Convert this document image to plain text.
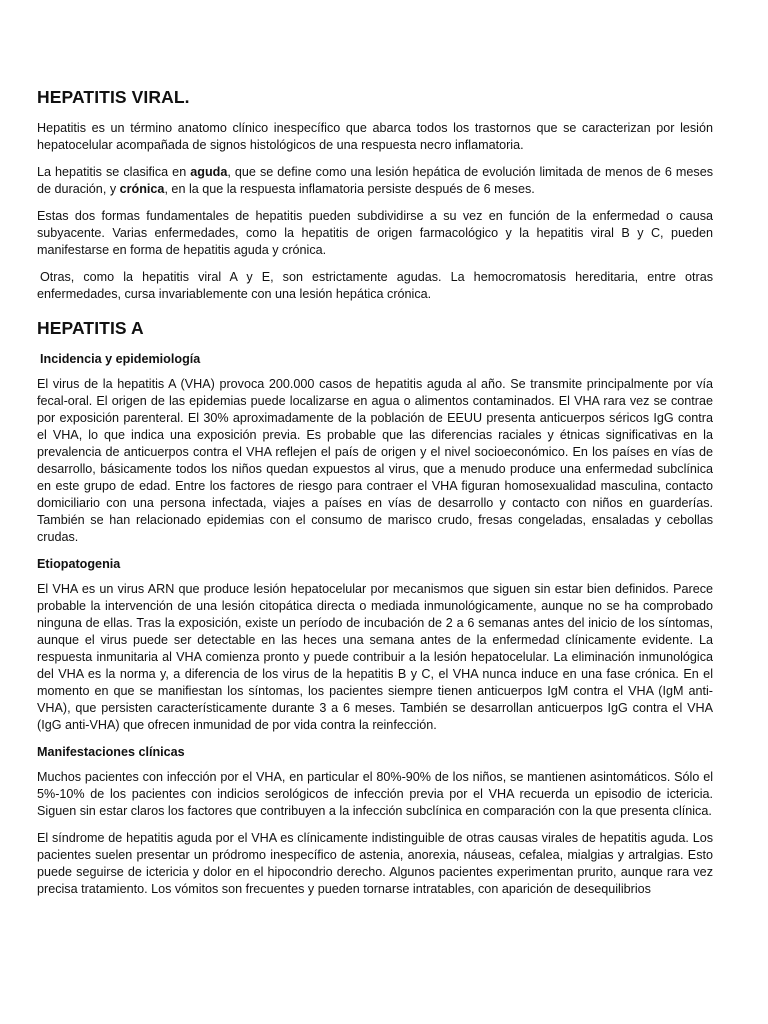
HEPATITIS VIRAL.

Hepatitis es un término anatomo clínico inespecífico que abarca todos los trastornos que se caracterizan por lesión hepatocelular acompañada de signos histológicos de una respuesta necro inflamatoria.

La hepatitis se clasifica en aguda, que se define como una lesión hepática de evolución limitada de menos de 6 meses de duración, y crónica, en la que la respuesta inflamatoria persiste después de 6 meses.

Estas dos formas fundamentales de hepatitis pueden subdividirse a su vez en función de la enfermedad o causa subyacente. Varias enfermedades, como la hepatitis de origen farmacológico y la hepatitis viral B y C, pueden manifestarse en forma de hepatitis aguda y crónica.

Otras, como la hepatitis viral A y E, son estrictamente agudas. La hemocromatosis hereditaria, entre otras enfermedades, cursa invariablemente con una lesión hepática crónica.

HEPATITIS A
Incidencia y epidemiología

El virus de la hepatitis A (VHA) provoca 200.000 casos de hepatitis aguda al año. Se transmite principalmente por vía fecal-oral. El origen de las epidemias puede localizarse en agua o alimentos contaminados. El VHA rara vez se contrae por exposición parenteral. El 30% aproximadamente de la población de EEUU presenta anticuerpos séricos IgG contra el VHA, lo que indica una exposición previa. Es probable que las diferencias raciales y étnicas significativas en la prevalencia de anticuerpos contra el VHA reflejen el país de origen y el nivel socioeconómico. En los países en vías de desarrollo, básicamente todos los niños quedan expuestos al virus, que a menudo produce una enfermedad subclínica en este grupo de edad. Entre los factores de riesgo para contraer el VHA figuran homosexualidad masculina, contacto domiciliario con una persona infectada, viajes a países en vías de desarrollo y contacto con niños en guarderías. También se han relacionado epidemias con el consumo de marisco crudo, fresas congeladas, ensaladas y cebollas crudas.

Etiopatogenia

El VHA es un virus ARN que produce lesión hepatocelular por mecanismos que siguen sin estar bien definidos. Parece probable la intervención de una lesión citopática directa o mediada inmunológicamente, aunque no se ha comprobado ninguna de ellas. Tras la exposición, existe un período de incubación de 2 a 6 semanas antes del inicio de los síntomas, aunque el virus puede ser detectable en las heces una semana antes de la enfermedad clínicamente evidente. La respuesta inmunitaria al VHA comienza pronto y puede contribuir a la lesión hepatocelular. La eliminación inmunológica del VHA es la norma y, a diferencia de los virus de la hepatitis B y C, el VHA nunca induce en una fase crónica. En el momento en que se manifiestan los síntomas, los pacientes siempre tienen anticuerpos IgM contra el VHA (IgM anti-VHA), que persisten característicamente durante 3 a 6 meses. También se desarrollan anticuerpos IgG contra el VHA (IgG anti-VHA) que ofrecen inmunidad de por vida contra la reinfección.

Manifestaciones clínicas

Muchos pacientes con infección por el VHA, en particular el 80%-90% de los niños, se mantienen asintomáticos. Sólo el 5%-10% de los pacientes con indicios serológicos de infección previa por el VHA recuerda un episodio de ictericia. Siguen sin estar claros los factores que contribuyen a la infección subclínica en comparación con la que presenta clínica.

El síndrome de hepatitis aguda por el VHA es clínicamente indistinguible de otras causas virales de hepatitis aguda. Los pacientes suelen presentar un pródromo inespecífico de astenia, anorexia, náuseas, cefalea, mialgias y artralgias. Esto puede seguirse de ictericia y dolor en el hipocondrio derecho. Algunos pacientes experimentan prurito, aunque rara vez precisa tratamiento. Los vómitos son frecuentes y pueden tornarse intratables, con aparición de desequilibrios
